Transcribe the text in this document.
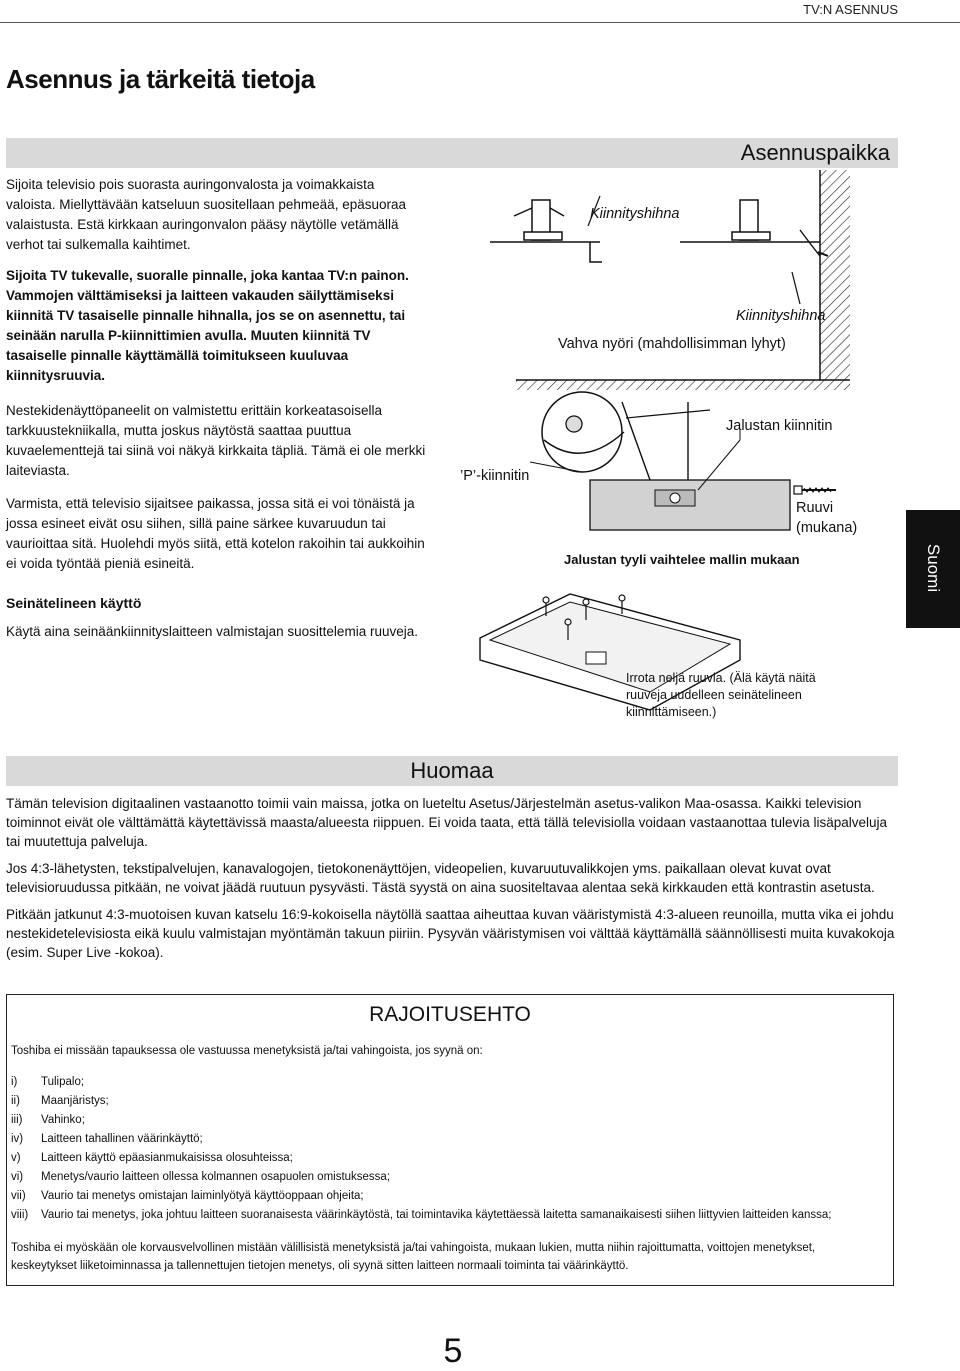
TV:N ASENNUS
Asennus ja tärkeitä tietoja
Asennuspaikka

Sijoita televisio pois suorasta auringonvalosta ja voimakkaista valoista. Miellyttävään katseluun suositellaan pehmeää, epäsuoraa valaistusta. Estä kirkkaan auringonvalon pääsy näytölle vetämällä verhot tai sulkemalla kaihtimet.

Sijoita TV tukevalle, suoralle pinnalle, joka kantaa TV:n painon. Vammojen välttämiseksi ja laitteen vakauden säilyttämiseksi kiinnitä TV tasaiselle pinnalle hihnalla, jos se on asennettu, tai seinään narulla P-kiinnittimien avulla. Muuten kiinnitä TV tasaiselle pinnalle käyttämällä toimitukseen kuuluvaa kiinnitysruuvia.

Nestekidenäyttöpaneelit on valmistettu erittäin korkeatasoisella tarkkuustekniikalla, mutta joskus näytöstä saattaa puuttua kuvaelementtejä tai siinä voi näkyä kirkkaita täpliä. Tämä ei ole merkki laiteviasta.

Varmista, että televisio sijaitsee paikassa, jossa sitä ei voi tönäistä ja jossa esineet eivät osu siihen, sillä paine särkee kuvaruudun tai vaurioittaa sitä. Huolehdi myös siitä, että kotelon rakoihin tai aukkoihin ei voida työntää pieniä esineitä.

Seinätelineen käyttö

Käytä aina seinäänkiinnityslaitteen valmistajan suosittelemia ruuveja.

Kiinnityshihna
Kiinnityshihna
Vahva nyöri (mahdollisimman lyhyt)
’P’-kiinnitin
Jalustan kiinnitin
Ruuvi
(mukana)
Jalustan tyyli vaihtelee mallin mukaan
Irrota neljä ruuvia. (Älä käytä näitä ruuveja uudelleen seinätelineen kiinnittämiseen.)
Suomi
Huomaa

Tämän television digitaalinen vastaanotto toimii vain maissa, jotka on lueteltu Asetus/Järjestelmän asetus-valikon Maa-osassa. Kaikki television toiminnot eivät ole välttämättä käytettävissä maasta/alueesta riippuen. Ei voida taata, että tällä televisiolla voidaan vastaanottaa tulevia lisäpalveluja tai muutettuja palveluja.

Jos 4:3-lähetysten, tekstipalvelujen, kanavalogojen, tietokonenäyttöjen, videopelien, kuvaruutuvalikkojen yms. paikallaan olevat kuvat ovat televisioruudussa pitkään, ne voivat jäädä ruutuun pysyvästi. Tästä syystä on aina suositeltavaa alentaa sekä kirkkauden että kontrastin asetusta.

Pitkään jatkunut 4:3-muotoisen kuvan katselu 16:9-kokoisella näytöllä saattaa aiheuttaa kuvan vääristymistä 4:3-alueen reunoilla, mutta vika ei johdu nestekidetelevisiosta eikä kuulu valmistajan myöntämän takuun piiriin. Pysyvän vääristymisen voi välttää käyttämällä säännöllisesti muita kuvakokoja (esim. Super Live -kokoa).

RAJOITUSEHTO
Toshiba ei missään tapauksessa ole vastuussa menetyksistä ja/tai vahingoista, jos syynä on:
i) Tulipalo;
ii) Maanjäristys;
iii) Vahinko;
iv) Laitteen tahallinen väärinkäyttö;
v) Laitteen käyttö epäasianmukaisissa olosuhteissa;
vi) Menetys/vaurio laitteen ollessa kolmannen osapuolen omistuksessa;
vii) Vaurio tai menetys omistajan laiminlyötyä käyttöoppaan ohjeita;
viii) Vaurio tai menetys, joka johtuu laitteen suoranaisesta väärinkäytöstä, tai toimintavika käytettäessä laitetta samanaikaisesti siihen liittyvien laitteiden kanssa;
Toshiba ei myöskään ole korvausvelvollinen mistään välillisistä menetyksistä ja/tai vahingoista, mukaan lukien, mutta niihin rajoittumatta, voittojen menetykset, keskeytykset liiketoiminnassa ja tallennettujen tietojen menetys, oli syynä sitten laitteen normaali toiminta tai väärinkäyttö.
5
